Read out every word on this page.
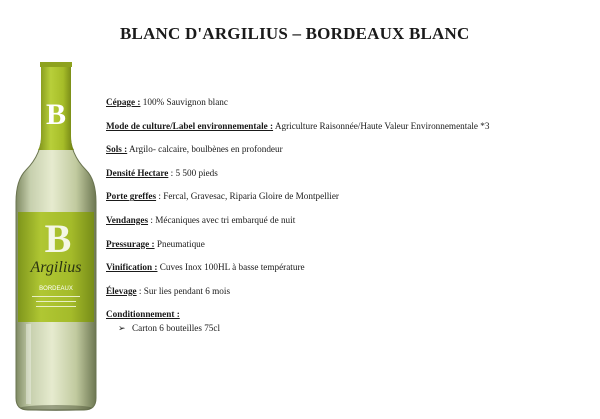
BLANC D'ARGILIUS – BORDEAUX BLANC
B
B
Argilius
BORDEAUX
Cépage : 100% Sauvignon blanc
Mode de culture/Label environnementale : Agriculture Raisonnée/Haute Valeur Environnementale *3
Sols : Argilo- calcaire, boulbènes en profondeur
Densité Hectare : 5 500 pieds
Porte greffes : Fercal, Gravesac, Riparia Gloire de Montpellier
Vendanges : Mécaniques avec tri embarqué de nuit
Pressurage : Pneumatique
Vinification : Cuves Inox 100HL à basse température
Élevage : Sur lies pendant 6 mois
Conditionnement :
➢ Carton 6 bouteilles 75cl
